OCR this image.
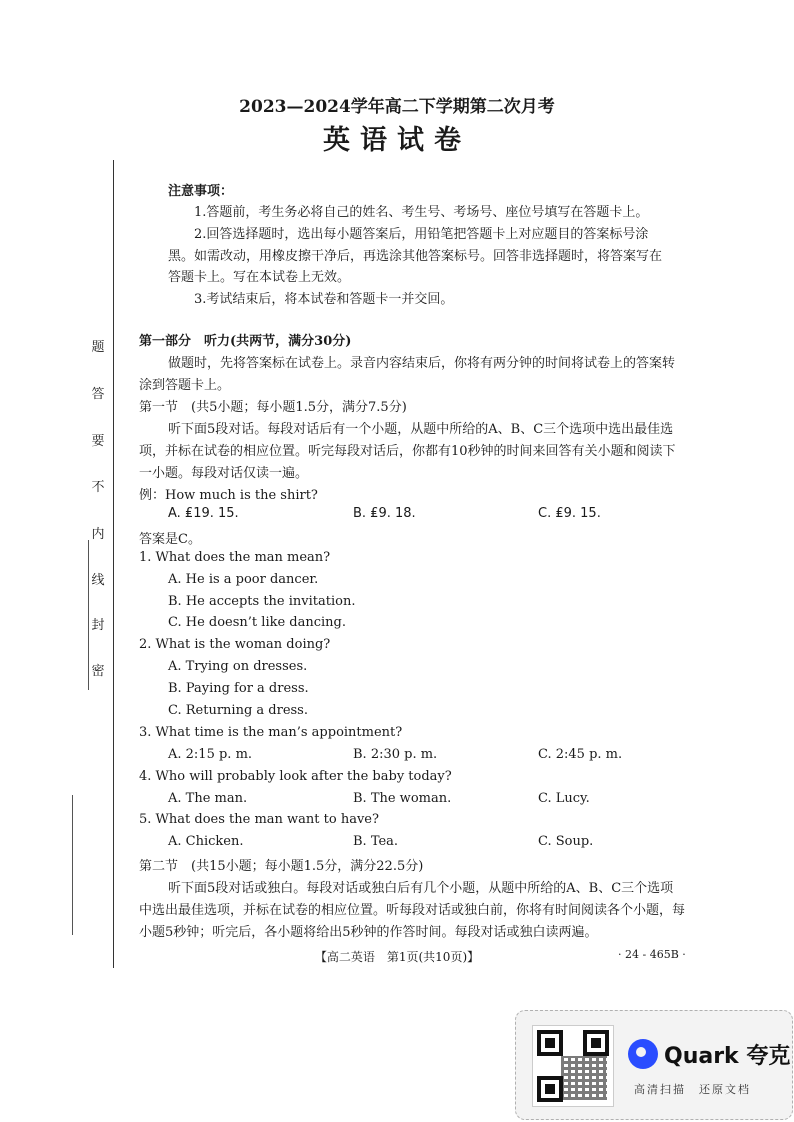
2023—2024学年高二下学期第二次月考
英语试卷
题
答
要
不
内
线
封
密
注意事项：
1.答题前，考生务必将自己的姓名、考生号、考场号、座位号填写在答题卡上。
2.回答选择题时，选出每小题答案后，用铅笔把答题卡上对应题目的答案标号涂
黑。如需改动，用橡皮擦干净后，再选涂其他答案标号。回答非选择题时，将答案写在
答题卡上。写在本试卷上无效。
3.考试结束后，将本试卷和答题卡一并交回。
第一部分　听力(共两节，满分30分)
做题时，先将答案标在试卷上。录音内容结束后，你将有两分钟的时间将试卷上的答案转
涂到答题卡上。
第一节　(共5小题；每小题1.5分，满分7.5分)
听下面5段对话。每段对话后有一个小题，从题中所给的A、B、C三个选项中选出最佳选
项，并标在试卷的相应位置。听完每段对话后，你都有10秒钟的时间来回答有关小题和阅读下
一小题。每段对话仅读一遍。
例：How much is the shirt?
A. ₤19. 15.	B. ₤9. 18.	C. ₤9. 15.
答案是C。
1. What does the man mean?
A. He is a poor dancer.
B. He accepts the invitation.
C. He doesn’t like dancing.
2. What is the woman doing?
A. Trying on dresses.
B. Paying for a dress.
C. Returning a dress.
3. What time is the man’s appointment?
A. 2:15 p. m.	B. 2:30 p. m.	C. 2:45 p. m.
4. Who will probably look after the baby today?
A. The man.	B. The woman.	C. Lucy.
5. What does the man want to have?
A. Chicken.	B. Tea.	C. Soup.
第二节　(共15小题；每小题1.5分，满分22.5分)
听下面5段对话或独白。每段对话或独白后有几个小题，从题中所给的A、B、C三个选项
中选出最佳选项，并标在试卷的相应位置。听每段对话或独白前，你将有时间阅读各个小题，每
小题5秒钟；听完后，各小题将给出5秒钟的作答时间。每段对话或独白读两遍。
【高二英语　第1页(共10页)】	· 24 - 465B ·
Quark 夸克
高清扫描　还原文档
